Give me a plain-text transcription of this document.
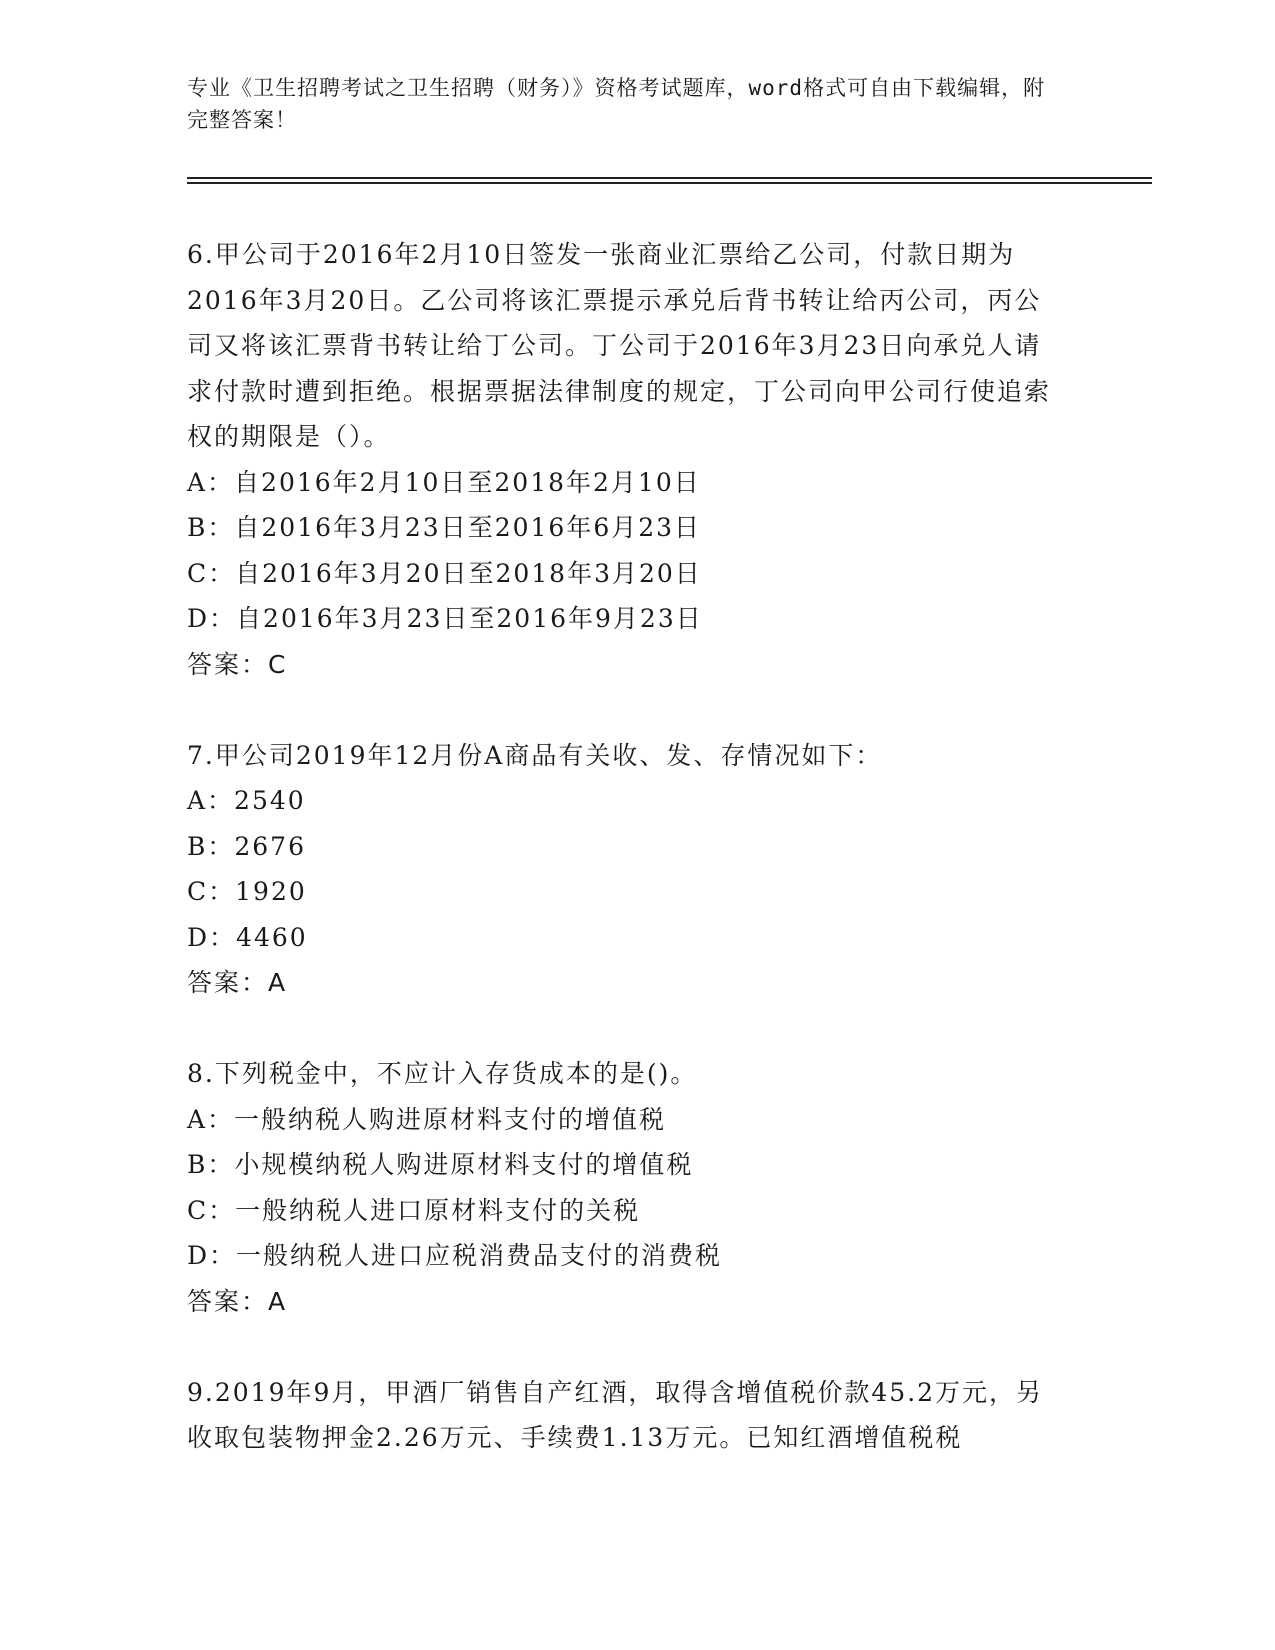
专业《卫生招聘考试之卫生招聘（财务）》资格考试题库，word格式可自由下载编辑，附完整答案！

6.甲公司于2016年2月10日签发一张商业汇票给乙公司，付款日期为2016年3月20日。乙公司将该汇票提示承兑后背书转让给丙公司，丙公司又将该汇票背书转让给丁公司。丁公司于2016年3月23日向承兑人请求付款时遭到拒绝。根据票据法律制度的规定，丁公司向甲公司行使追索权的期限是（）。

A：自2016年2月10日至2018年2月10日

B：自2016年3月23日至2016年6月23日

C：自2016年3月20日至2018年3月20日

D：自2016年3月23日至2016年9月23日

答案：C

7.甲公司2019年12月份A商品有关收、发、存情况如下：

A：2540

B：2676

C：1920

D：4460

答案：A

8.下列税金中，不应计入存货成本的是()。

A：一般纳税人购进原材料支付的增值税

B：小规模纳税人购进原材料支付的增值税

C：一般纳税人进口原材料支付的关税

D：一般纳税人进口应税消费品支付的消费税

答案：A

9.2019年9月，甲酒厂销售自产红酒，取得含增值税价款45.2万元，另收取包装物押金2.26万元、手续费1.13万元。已知红酒增值税税
